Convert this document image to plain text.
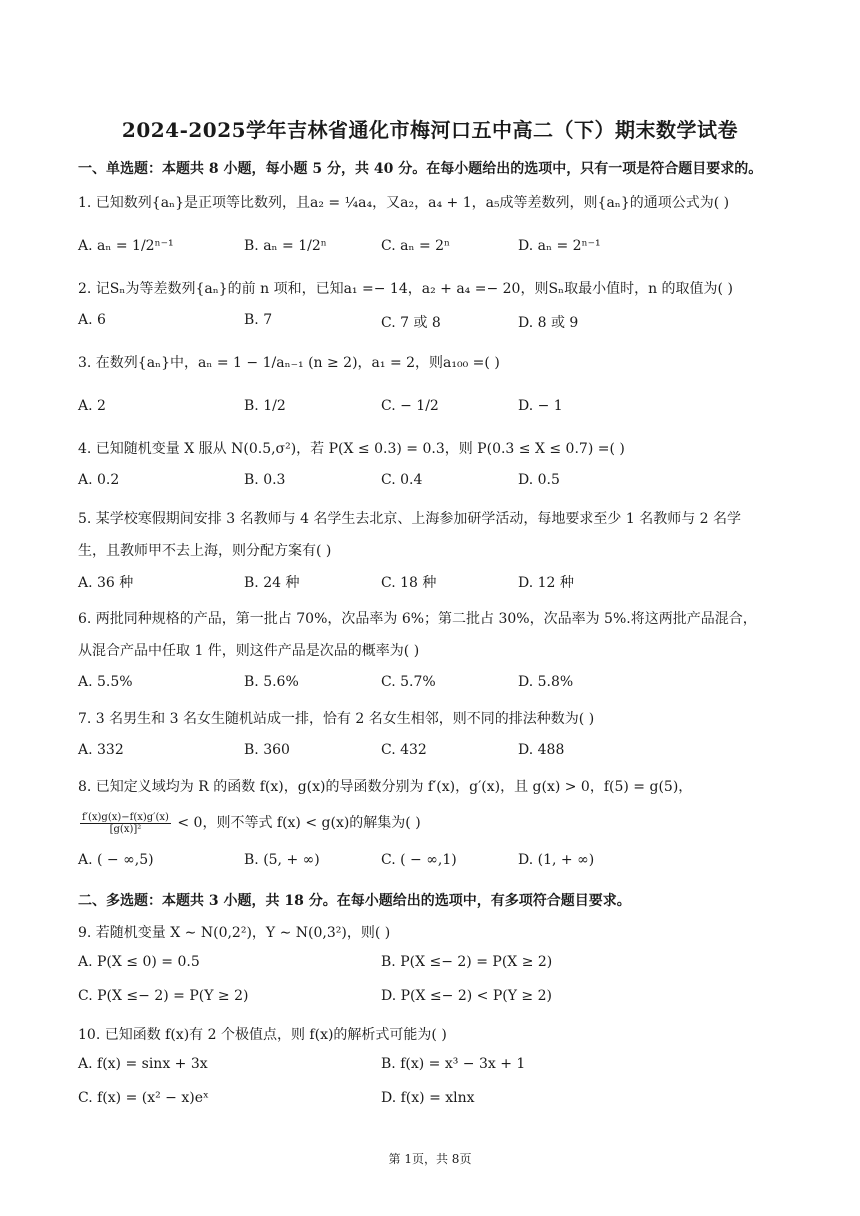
2024-2025学年吉林省通化市梅河口五中高二（下）期末数学试卷
一、单选题：本题共 8 小题，每小题 5 分，共 40 分。在每小题给出的选项中，只有一项是符合题目要求的。
1. 已知数列{aₙ}是正项等比数列，且a₂ = ¼a₄，又a₂，a₄ + 1，a₅成等差数列，则{aₙ}的通项公式为( )
A. aₙ = 1/2ⁿ⁻¹	B. aₙ = 1/2ⁿ	C. aₙ = 2ⁿ	D. aₙ = 2ⁿ⁻¹
2. 记Sₙ为等差数列{aₙ}的前 n 项和，已知a₁ =− 14，a₂ + a₄ =− 20，则Sₙ取最小值时，n 的取值为( )
A. 6	B. 7	C. 7 或 8	D. 8 或 9
3. 在数列{aₙ}中，aₙ = 1 − 1/aₙ₋₁ (n ≥ 2)，a₁ = 2，则a₁₀₀ =( )
A. 2	B. 1/2	C. − 1/2	D. − 1
4. 已知随机变量 X 服从 N(0.5,σ²)，若 P(X ≤ 0.3) = 0.3，则 P(0.3 ≤ X ≤ 0.7) =( )
A. 0.2	B. 0.3	C. 0.4	D. 0.5
5. 某学校寒假期间安排 3 名教师与 4 名学生去北京、上海参加研学活动，每地要求至少 1 名教师与 2 名学
生，且教师甲不去上海，则分配方案有( )
A. 36 种	B. 24 种	C. 18 种	D. 12 种
6. 两批同种规格的产品，第一批占 70%，次品率为 6%；第二批占 30%，次品率为 5%.将这两批产品混合，
从混合产品中任取 1 件，则这件产品是次品的概率为( )
A. 5.5%	B. 5.6%	C. 5.7%	D. 5.8%
7. 3 名男生和 3 名女生随机站成一排，恰有 2 名女生相邻，则不同的排法种数为( )
A. 332	B. 360	C. 432	D. 488
8. 已知定义域均为 R 的函数 f(x)，g(x)的导函数分别为 f′(x)，g′(x)，且 g(x) > 0，f(5) = g(5)，
$\frac{f'(x)g(x)-f(x)g'(x)}{\text{[g(x)]²}} < 0$，则不等式 f(x) < g(x)的解集为( )
A. ( − ∞,5)	B. (5, + ∞)	C. ( − ∞,1)	D. (1, + ∞)
二、多选题：本题共 3 小题，共 18 分。在每小题给出的选项中，有多项符合题目要求。
9. 若随机变量 X ∼ N(0,2²)，Y ∼ N(0,3²)，则( )
A. P(X ≤ 0) = 0.5	B. P(X ≤− 2) = P(X ≥ 2)
C. P(X ≤− 2) = P(Y ≥ 2)	D. P(X ≤− 2) < P(Y ≥ 2)
10. 已知函数 f(x)有 2 个极值点，则 f(x)的解析式可能为( )
A. f(x) = sinx + 3x	B. f(x) = x³ − 3x + 1
C. f(x) = (x² − x)eˣ	D. f(x) = xlnx
第 1页，共 8页
